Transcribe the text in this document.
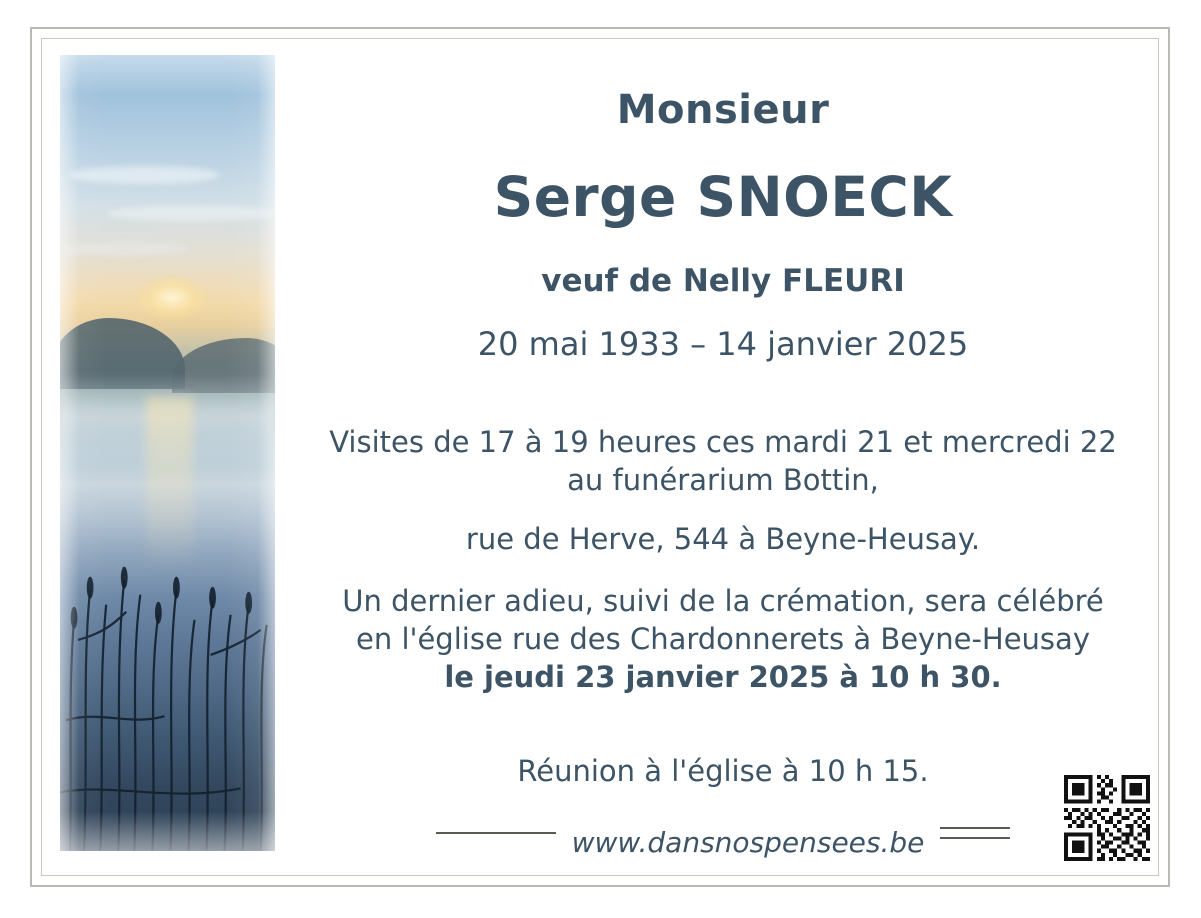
Monsieur
Serge SNOECK
veuf de Nelly FLEURI
20 mai 1933 – 14 janvier 2025
Visites de 17 à 19 heures ces mardi 21 et mercredi 22
au funérarium Bottin,
rue de Herve, 544 à Beyne-Heusay.
Un dernier adieu, suivi de la crémation, sera célébré
en l'église rue des Chardonnerets à Beyne-Heusay
le jeudi 23 janvier 2025 à 10 h 30.
Réunion à l'église à 10 h 15.
www.dansnospensees.be
